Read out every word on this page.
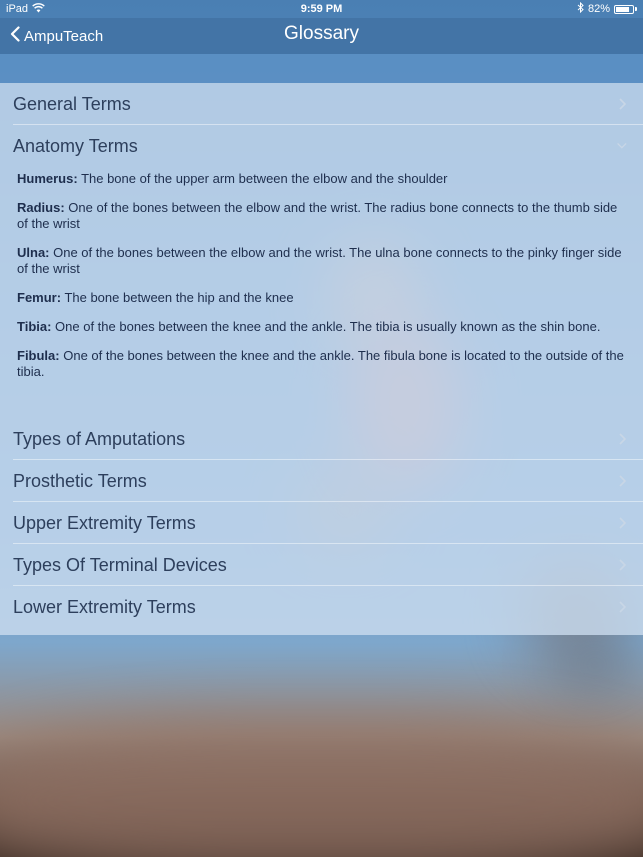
iPad	9:59 PM	82%
AmpuTeach	Glossary
General Terms
Anatomy Terms
Humerus: The bone of the upper arm between the elbow and the shoulder
Radius: One of the bones between the elbow and the wrist. The radius bone connects to the thumb side of the wrist
Ulna: One of the bones between the elbow and the wrist. The ulna bone connects to the pinky finger side of the wrist
Femur: The bone between the hip and the knee
Tibia: One of the bones between the knee and the ankle. The tibia is usually known as the shin bone.
Fibula: One of the bones between the knee and the ankle. The fibula bone is located to the outside of the tibia.
Types of Amputations
Prosthetic Terms
Upper Extremity Terms
Types Of Terminal Devices
Lower Extremity Terms
